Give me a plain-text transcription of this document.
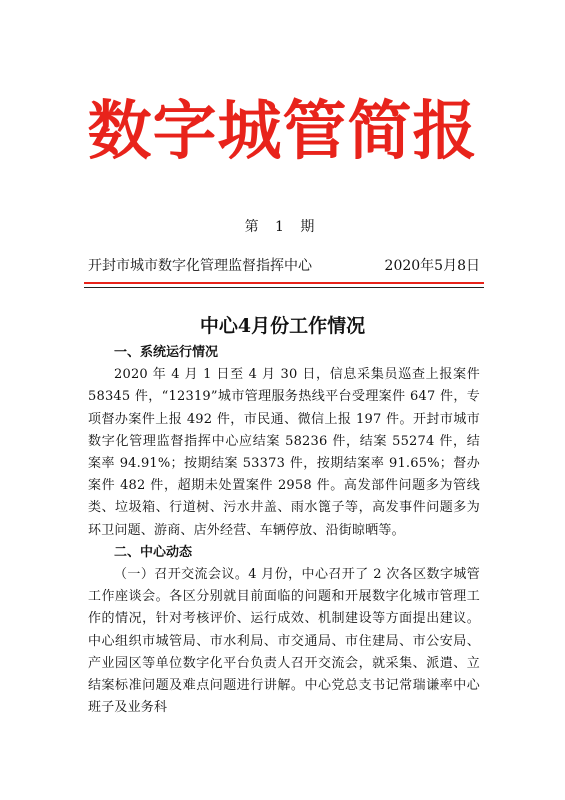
数字城管简报
第 1 期
开封市城市数字化管理监督指挥中心	2020年5月8日
中心4月份工作情况

一、系统运行情况

2020 年 4 月 1 日至 4 月 30 日，信息采集员巡查上报案件 58345 件，“12319”城市管理服务热线平台受理案件 647 件，专项督办案件上报 492 件，市民通、微信上报 197 件。开封市城市数字化管理监督指挥中心应结案 58236 件，结案 55274 件，结案率 94.91%；按期结案 53373 件，按期结案率 91.65%；督办案件 482 件，超期未处置案件 2958 件。高发部件问题多为管线类、垃圾箱、行道树、污水井盖、雨水篦子等，高发事件问题多为环卫问题、游商、店外经营、车辆停放、沿街晾晒等。

二、中心动态

（一）召开交流会议。4 月份，中心召开了 2 次各区数字城管工作座谈会。各区分别就目前面临的问题和开展数字化城市管理工作的情况，针对考核评价、运行成效、机制建设等方面提出建议。中心组织市城管局、市水利局、市交通局、市住建局、市公安局、产业园区等单位数字化平台负责人召开交流会，就采集、派遣、立结案标准问题及难点问题进行讲解。中心党总支书记常瑞谦率中心班子及业务科
